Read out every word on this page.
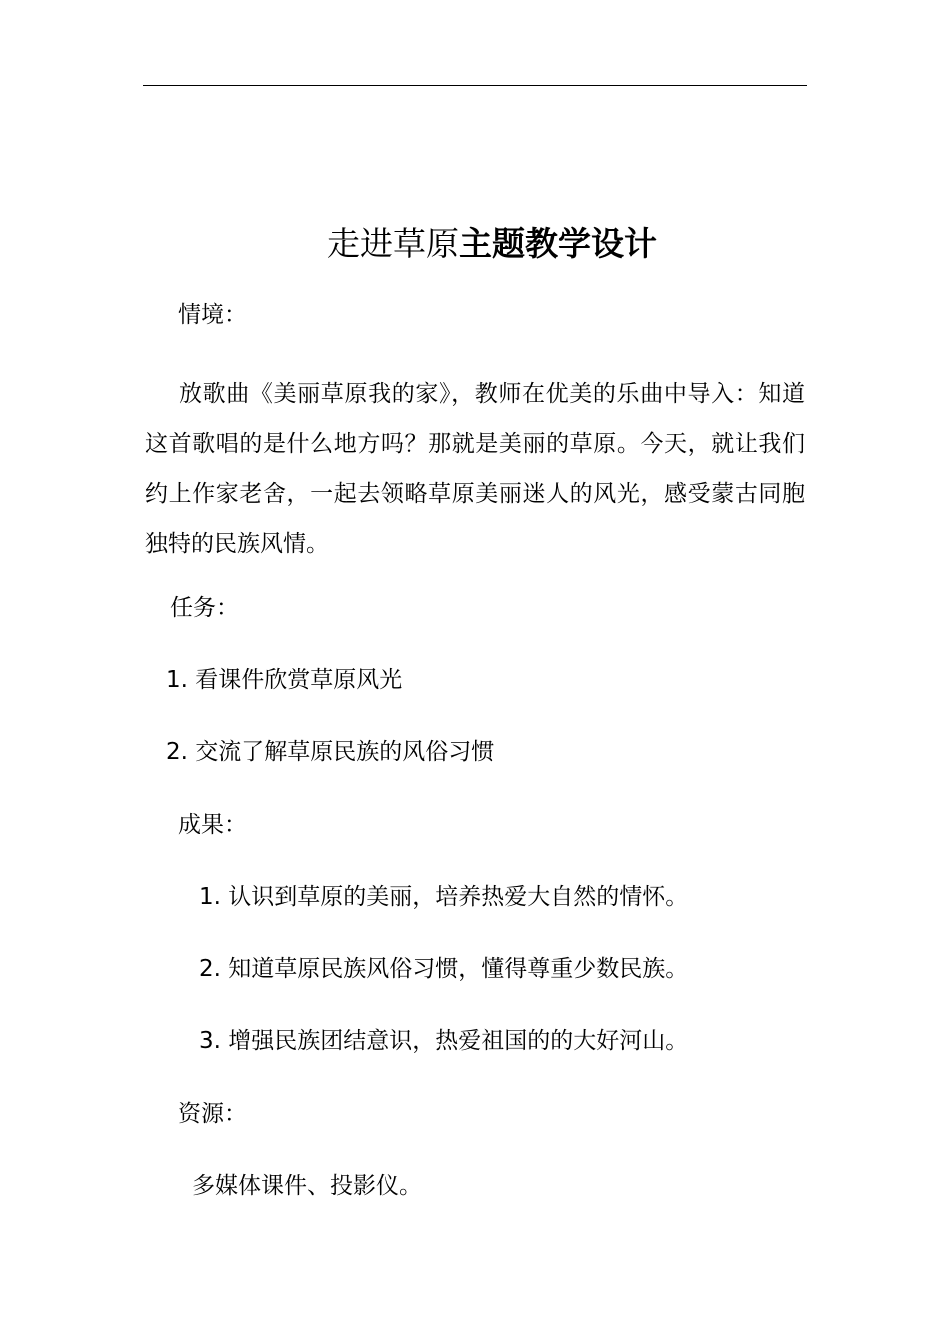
走进草原主题教学设计
情境：
放歌曲《美丽草原我的家》，教师在优美的乐曲中导入：知道这首歌唱的是什么地方吗？那就是美丽的草原。今天，就让我们约上作家老舍，一起去领略草原美丽迷人的风光，感受蒙古同胞独特的民族风情。
任务：
1. 看课件欣赏草原风光
2. 交流了解草原民族的风俗习惯
成果：
1. 认识到草原的美丽，培养热爱大自然的情怀。
2. 知道草原民族风俗习惯，懂得尊重少数民族。
3. 增强民族团结意识，热爱祖国的的大好河山。
资源：
多媒体课件、投影仪。
